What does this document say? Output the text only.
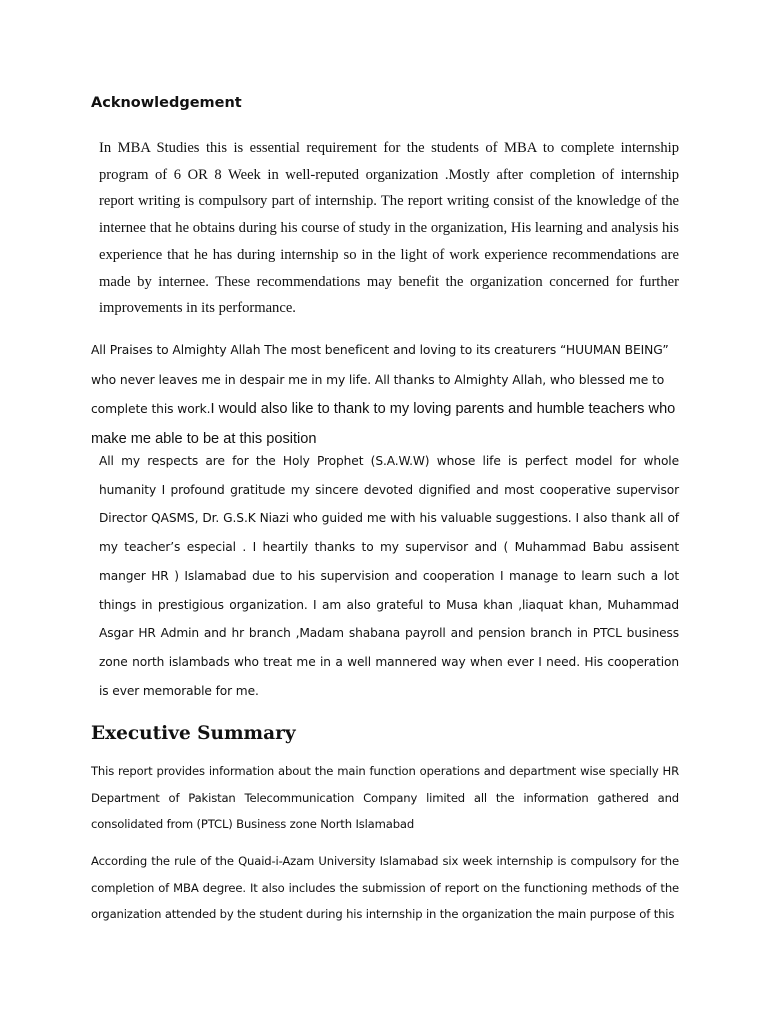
Acknowledgement

In MBA Studies this is essential requirement for the students of MBA to complete internship program of 6 OR 8 Week in well-reputed organization .Mostly after completion of internship report writing is compulsory part of internship. The report writing consist of the knowledge of the internee that he obtains during his course of study in the organization, His learning and analysis his experience that he has during internship so in the light of work experience recommendations are made by internee. These recommendations may benefit the organization concerned for further improvements in its performance.

All Praises to Almighty Allah The most beneficent and loving to its creaturers “HUUMAN BEING” who never leaves me in despair me in my life. All thanks to Almighty Allah, who blessed me to complete this work.I would also like to thank to my loving parents and humble teachers who make me able to be at this position

All my respects are for the Holy Prophet (S.A.W.W) whose life is perfect model for whole humanity I profound gratitude my sincere devoted dignified and most cooperative supervisor Director QASMS, Dr. G.S.K Niazi who guided me with his valuable suggestions. I also thank all of my teacher’s especial . I heartily thanks to my supervisor and ( Muhammad Babu assisent manger HR ) Islamabad due to his supervision and cooperation I manage to learn such a lot things in prestigious organization. I am also grateful to Musa khan ,liaquat khan, Muhammad Asgar HR Admin and hr branch ,Madam shabana payroll and pension branch in PTCL business zone north islambads who treat me in a well mannered way when ever I need. His cooperation is ever memorable for me.

Executive Summary

This report provides information about the main function operations and department wise specially HR Department of Pakistan Telecommunication Company limited all the information gathered and consolidated from (PTCL) Business zone North Islamabad

According the rule of the Quaid-i-Azam University Islamabad six week internship is compulsory for the completion of MBA degree. It also includes the submission of report on the functioning methods of the organization attended by the student during his internship in the organization the main purpose of this
